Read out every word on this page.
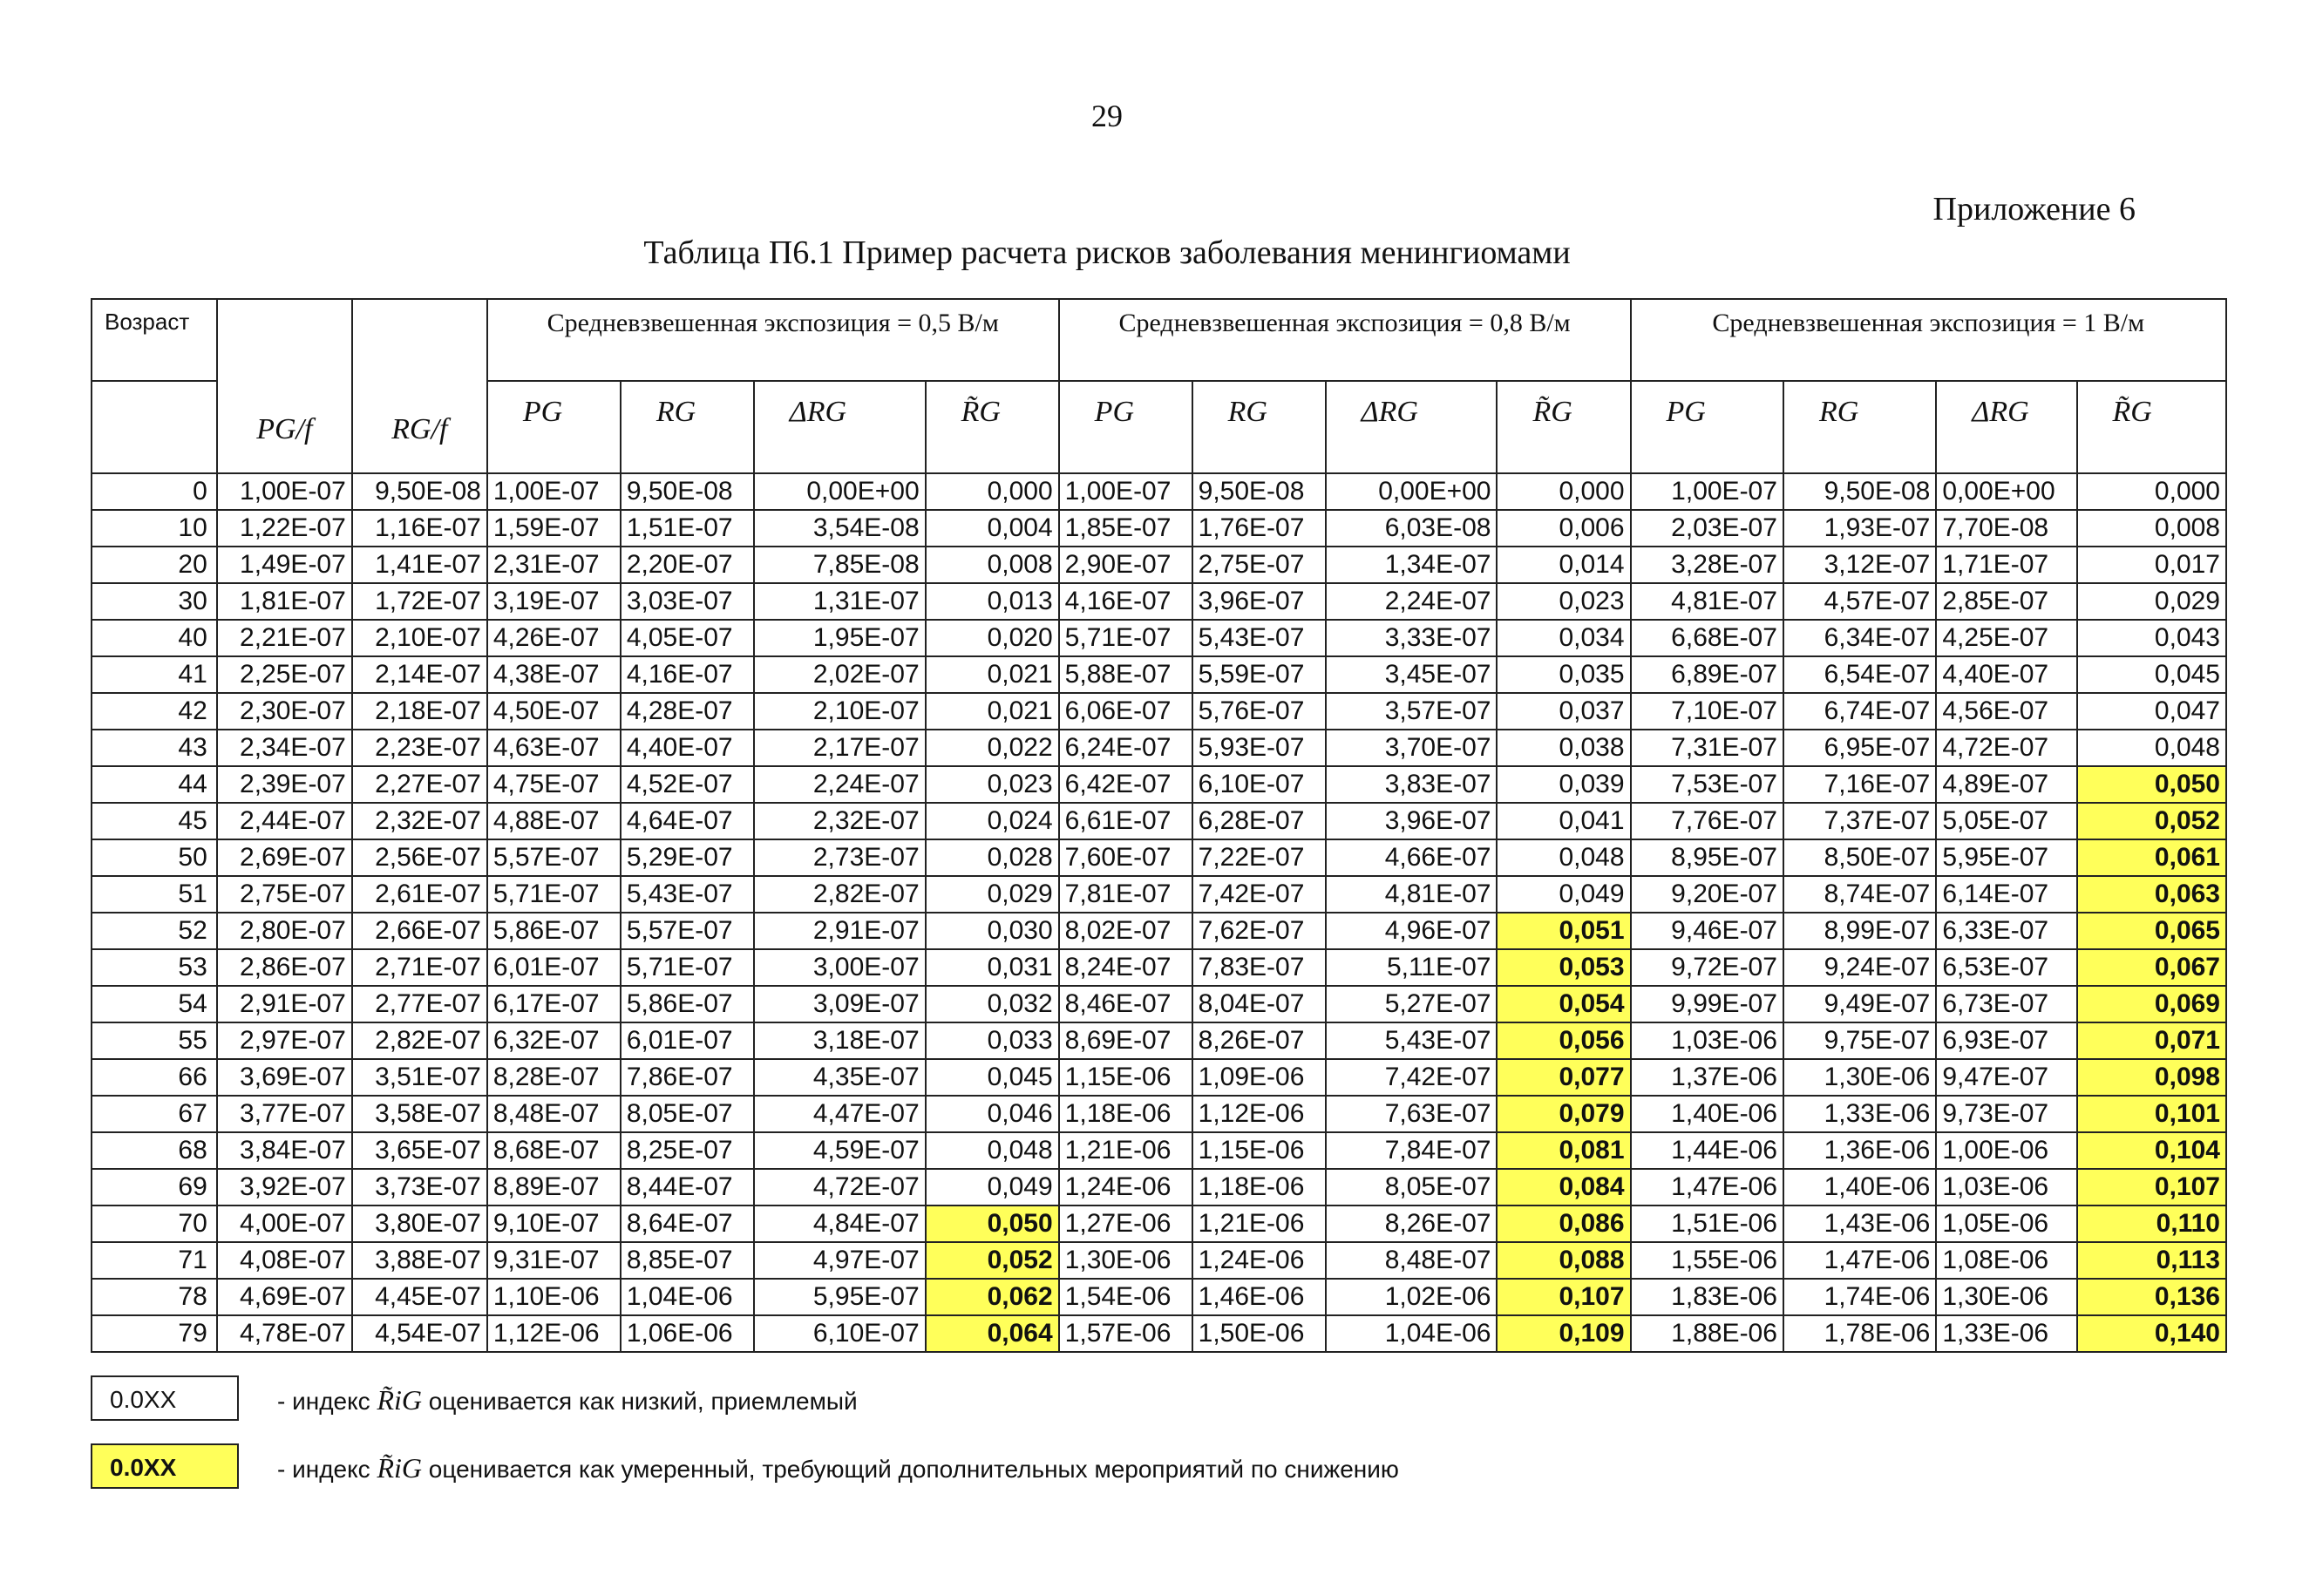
29
Приложение 6
Таблица П6.1 Пример расчета рисков заболевания менингиомами
Возраст	PG/f	RG/f	Средневзвешенная экспозиция = 0,5 В/м				Средневзвешенная экспозиция = 0,8 В/м				Средневзвешенная экспозиция = 1 В/м			
			PG	RG	ΔRG	R̃G	PG	RG	ΔRG	R̃G	PG	RG	ΔRG	R̃G
0	1,00E-07	9,50E-08	1,00E-07	9,50E-08	0,00E+00	0,000	1,00E-07	9,50E-08	0,00E+00	0,000	1,00E-07	9,50E-08	0,00E+00	0,000
10	1,22E-07	1,16E-07	1,59E-07	1,51E-07	3,54E-08	0,004	1,85E-07	1,76E-07	6,03E-08	0,006	2,03E-07	1,93E-07	7,70E-08	0,008
20	1,49E-07	1,41E-07	2,31E-07	2,20E-07	7,85E-08	0,008	2,90E-07	2,75E-07	1,34E-07	0,014	3,28E-07	3,12E-07	1,71E-07	0,017
30	1,81E-07	1,72E-07	3,19E-07	3,03E-07	1,31E-07	0,013	4,16E-07	3,96E-07	2,24E-07	0,023	4,81E-07	4,57E-07	2,85E-07	0,029
40	2,21E-07	2,10E-07	4,26E-07	4,05E-07	1,95E-07	0,020	5,71E-07	5,43E-07	3,33E-07	0,034	6,68E-07	6,34E-07	4,25E-07	0,043
41	2,25E-07	2,14E-07	4,38E-07	4,16E-07	2,02E-07	0,021	5,88E-07	5,59E-07	3,45E-07	0,035	6,89E-07	6,54E-07	4,40E-07	0,045
42	2,30E-07	2,18E-07	4,50E-07	4,28E-07	2,10E-07	0,021	6,06E-07	5,76E-07	3,57E-07	0,037	7,10E-07	6,74E-07	4,56E-07	0,047
43	2,34E-07	2,23E-07	4,63E-07	4,40E-07	2,17E-07	0,022	6,24E-07	5,93E-07	3,70E-07	0,038	7,31E-07	6,95E-07	4,72E-07	0,048
44	2,39E-07	2,27E-07	4,75E-07	4,52E-07	2,24E-07	0,023	6,42E-07	6,10E-07	3,83E-07	0,039	7,53E-07	7,16E-07	4,89E-07	0,050
45	2,44E-07	2,32E-07	4,88E-07	4,64E-07	2,32E-07	0,024	6,61E-07	6,28E-07	3,96E-07	0,041	7,76E-07	7,37E-07	5,05E-07	0,052
50	2,69E-07	2,56E-07	5,57E-07	5,29E-07	2,73E-07	0,028	7,60E-07	7,22E-07	4,66E-07	0,048	8,95E-07	8,50E-07	5,95E-07	0,061
51	2,75E-07	2,61E-07	5,71E-07	5,43E-07	2,82E-07	0,029	7,81E-07	7,42E-07	4,81E-07	0,049	9,20E-07	8,74E-07	6,14E-07	0,063
52	2,80E-07	2,66E-07	5,86E-07	5,57E-07	2,91E-07	0,030	8,02E-07	7,62E-07	4,96E-07	0,051	9,46E-07	8,99E-07	6,33E-07	0,065
53	2,86E-07	2,71E-07	6,01E-07	5,71E-07	3,00E-07	0,031	8,24E-07	7,83E-07	5,11E-07	0,053	9,72E-07	9,24E-07	6,53E-07	0,067
54	2,91E-07	2,77E-07	6,17E-07	5,86E-07	3,09E-07	0,032	8,46E-07	8,04E-07	5,27E-07	0,054	9,99E-07	9,49E-07	6,73E-07	0,069
55	2,97E-07	2,82E-07	6,32E-07	6,01E-07	3,18E-07	0,033	8,69E-07	8,26E-07	5,43E-07	0,056	1,03E-06	9,75E-07	6,93E-07	0,071
66	3,69E-07	3,51E-07	8,28E-07	7,86E-07	4,35E-07	0,045	1,15E-06	1,09E-06	7,42E-07	0,077	1,37E-06	1,30E-06	9,47E-07	0,098
67	3,77E-07	3,58E-07	8,48E-07	8,05E-07	4,47E-07	0,046	1,18E-06	1,12E-06	7,63E-07	0,079	1,40E-06	1,33E-06	9,73E-07	0,101
68	3,84E-07	3,65E-07	8,68E-07	8,25E-07	4,59E-07	0,048	1,21E-06	1,15E-06	7,84E-07	0,081	1,44E-06	1,36E-06	1,00E-06	0,104
69	3,92E-07	3,73E-07	8,89E-07	8,44E-07	4,72E-07	0,049	1,24E-06	1,18E-06	8,05E-07	0,084	1,47E-06	1,40E-06	1,03E-06	0,107
70	4,00E-07	3,80E-07	9,10E-07	8,64E-07	4,84E-07	0,050	1,27E-06	1,21E-06	8,26E-07	0,086	1,51E-06	1,43E-06	1,05E-06	0,110
71	4,08E-07	3,88E-07	9,31E-07	8,85E-07	4,97E-07	0,052	1,30E-06	1,24E-06	8,48E-07	0,088	1,55E-06	1,47E-06	1,08E-06	0,113
78	4,69E-07	4,45E-07	1,10E-06	1,04E-06	5,95E-07	0,062	1,54E-06	1,46E-06	1,02E-06	0,107	1,83E-06	1,74E-06	1,30E-06	0,136
79	4,78E-07	4,54E-07	1,12E-06	1,06E-06	6,10E-07	0,064	1,57E-06	1,50E-06	1,04E-06	0,109	1,88E-06	1,78E-06	1,33E-06	0,140
0.0XX	- индекс R̃iG оценивается как низкий, приемлемый
0.0XX	- индекс R̃iG оценивается как умеренный, требующий дополнительных мероприятий по снижению
